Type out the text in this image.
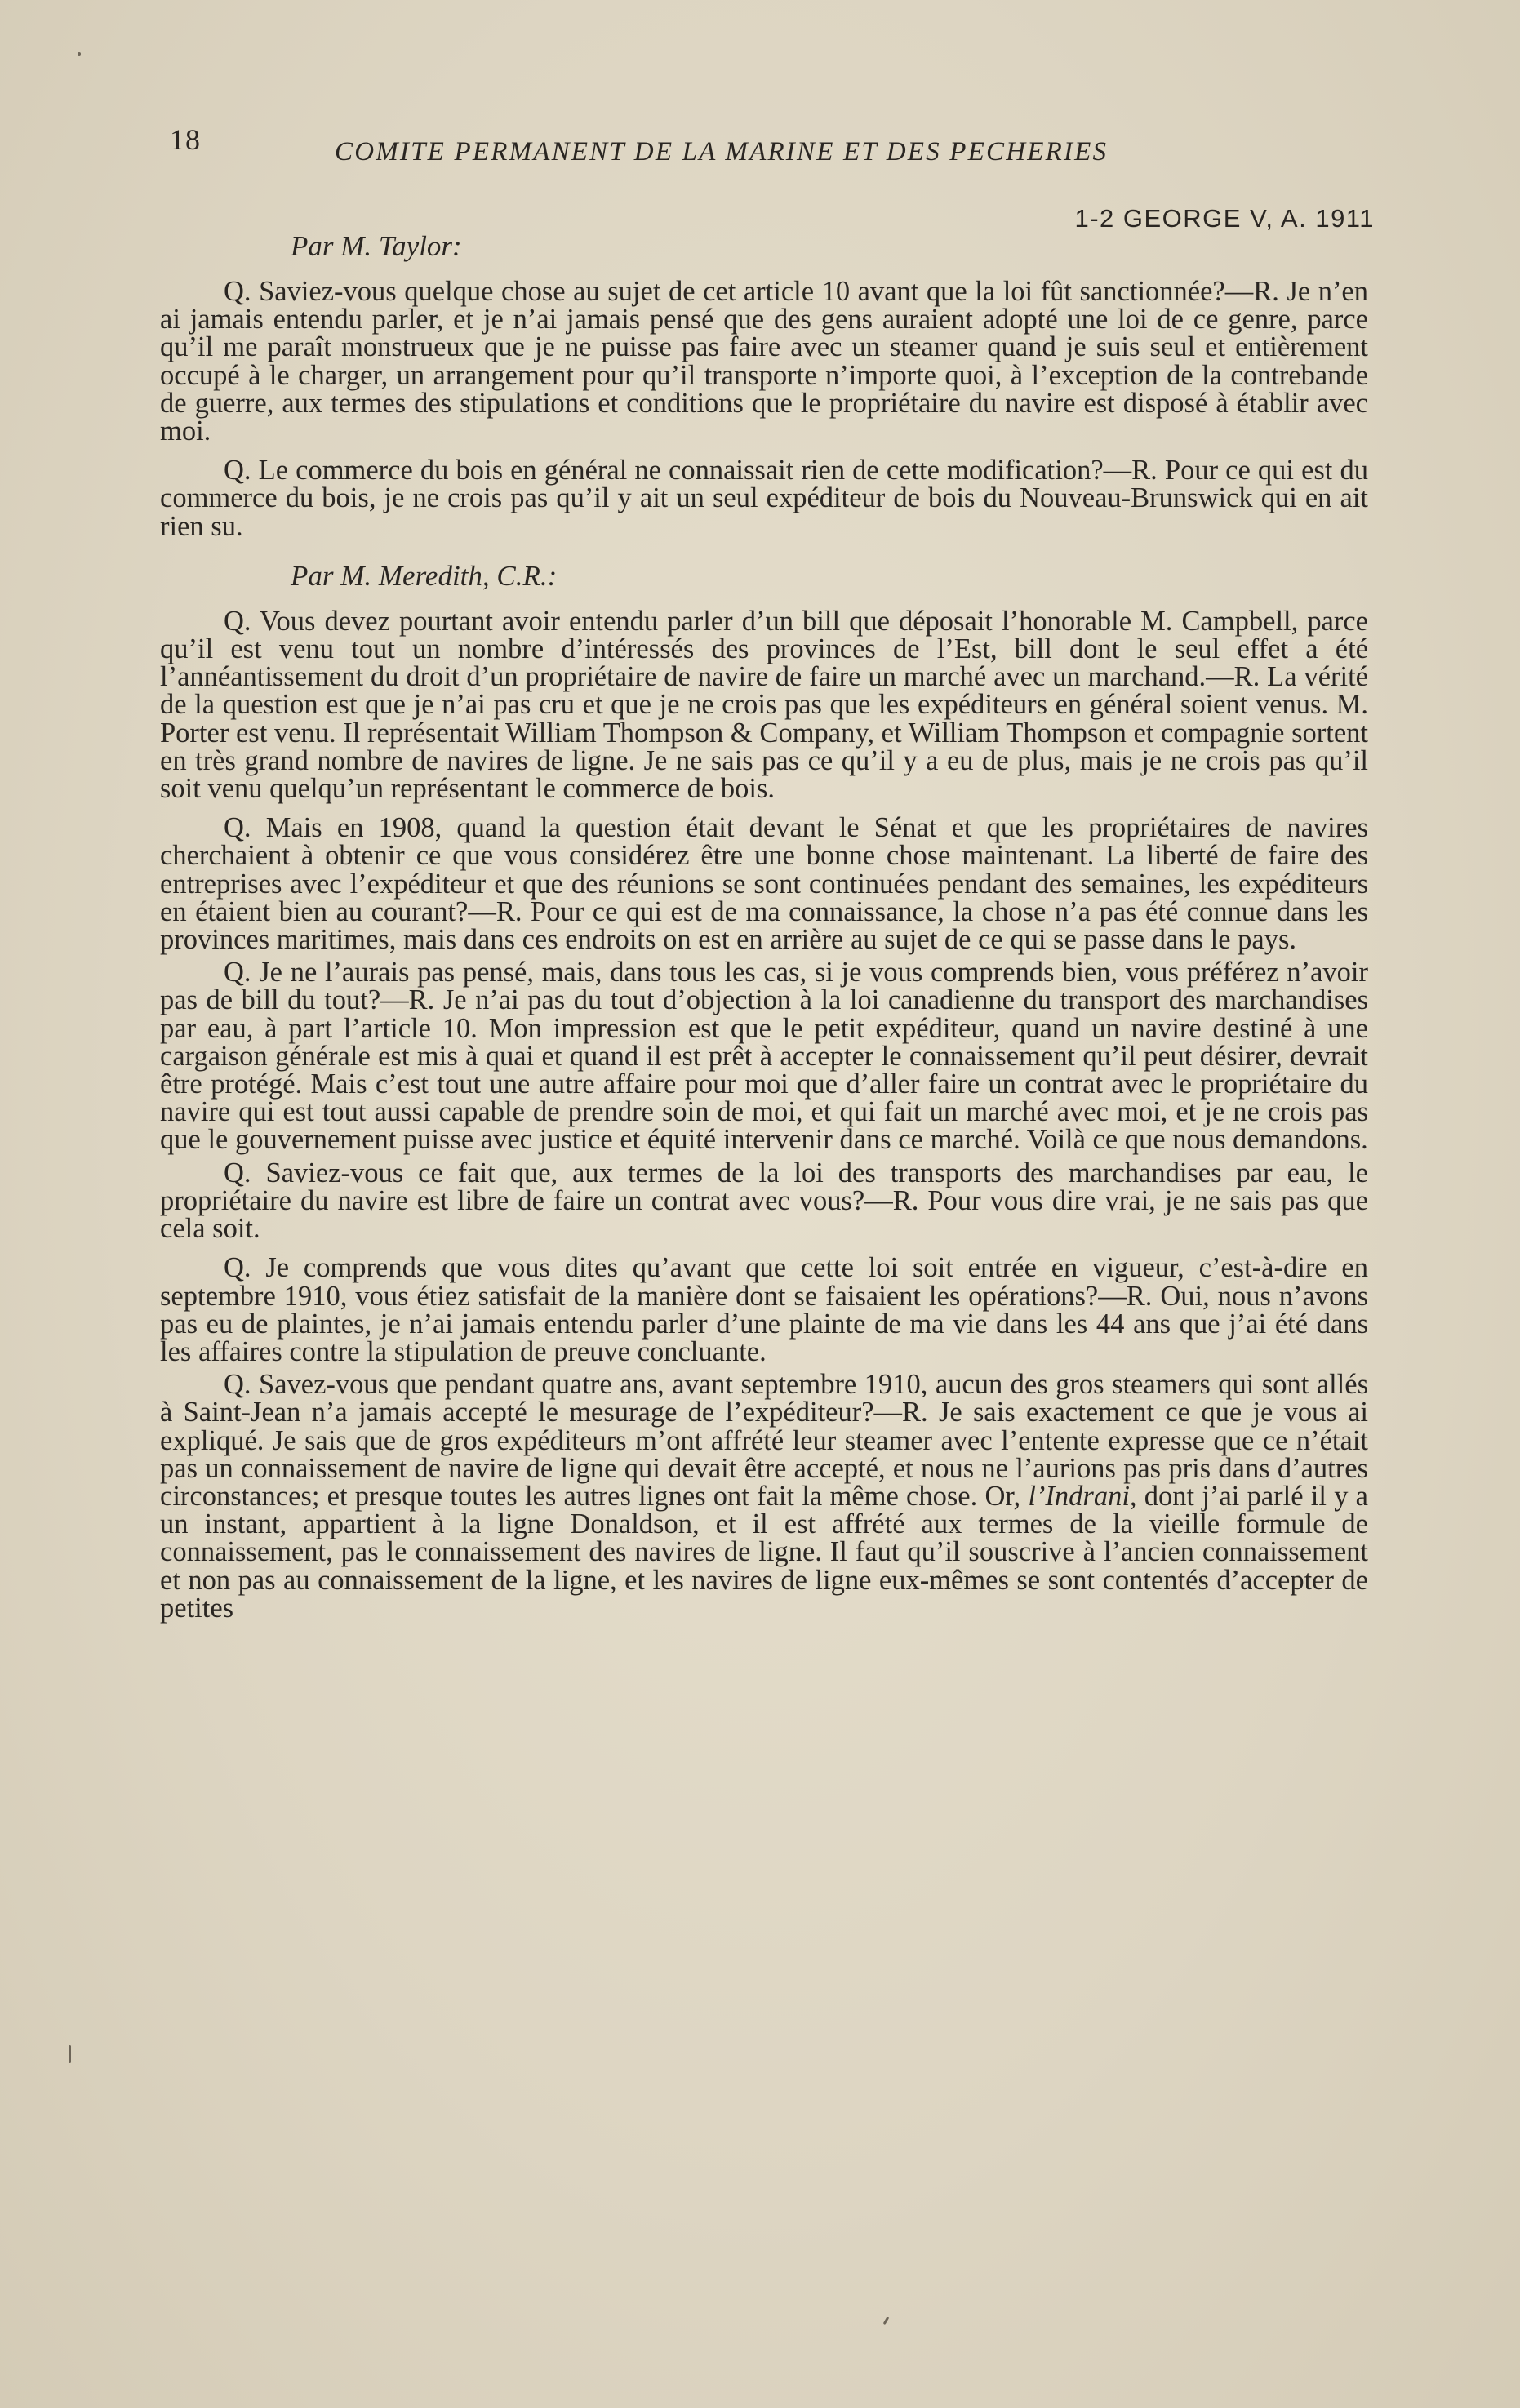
18	COMITE PERMANENT DE LA MARINE ET DES PECHERIES
1-2 GEORGE V, A. 1911
Par M. Taylor:

Q. Saviez-vous quelque chose au sujet de cet article 10 avant que la loi fût sanctionnée?—R. Je n’en ai jamais entendu parler, et je n’ai jamais pensé que des gens auraient adopté une loi de ce genre, parce qu’il me paraît monstrueux que je ne puisse pas faire avec un steamer quand je suis seul et entièrement occupé à le charger, un arrangement pour qu’il transporte n’importe quoi, à l’exception de la contrebande de guerre, aux termes des stipulations et conditions que le propriétaire du navire est disposé à établir avec moi.

Q. Le commerce du bois en général ne connaissait rien de cette modification?—R. Pour ce qui est du commerce du bois, je ne crois pas qu’il y ait un seul expéditeur de bois du Nouveau-Brunswick qui en ait rien su.

Par M. Meredith, C.R.:

Q. Vous devez pourtant avoir entendu parler d’un bill que déposait l’honorable M. Campbell, parce qu’il est venu tout un nombre d’intéressés des provinces de l’Est, bill dont le seul effet a été l’annéantissement du droit d’un propriétaire de navire de faire un marché avec un marchand.—R. La vérité de la question est que je n’ai pas cru et que je ne crois pas que les expéditeurs en général soient venus. M. Porter est venu. Il représentait William Thompson & Company, et William Thompson et compagnie sortent en très grand nombre de navires de ligne. Je ne sais pas ce qu’il y a eu de plus, mais je ne crois pas qu’il soit venu quelqu’un représentant le commerce de bois.

Q. Mais en 1908, quand la question était devant le Sénat et que les propriétaires de navires cherchaient à obtenir ce que vous considérez être une bonne chose maintenant. La liberté de faire des entreprises avec l’expéditeur et que des réunions se sont continuées pendant des semaines, les expéditeurs en étaient bien au courant?—R. Pour ce qui est de ma connaissance, la chose n’a pas été connue dans les provinces maritimes, mais dans ces endroits on est en arrière au sujet de ce qui se passe dans le pays.

Q. Je ne l’aurais pas pensé, mais, dans tous les cas, si je vous comprends bien, vous préférez n’avoir pas de bill du tout?—R. Je n’ai pas du tout d’objection à la loi canadienne du transport des marchandises par eau, à part l’article 10. Mon impression est que le petit expéditeur, quand un navire destiné à une cargaison générale est mis à quai et quand il est prêt à accepter le connaissement qu’il peut désirer, devrait être protégé. Mais c’est tout une autre affaire pour moi que d’aller faire un contrat avec le propriétaire du navire qui est tout aussi capable de prendre soin de moi, et qui fait un marché avec moi, et je ne crois pas que le gouvernement puisse avec justice et équité intervenir dans ce marché. Voilà ce que nous demandons.

Q. Saviez-vous ce fait que, aux termes de la loi des transports des marchandises par eau, le propriétaire du navire est libre de faire un contrat avec vous?—R. Pour vous dire vrai, je ne sais pas que cela soit.

Q. Je comprends que vous dites qu’avant que cette loi soit entrée en vigueur, c’est-à-dire en septembre 1910, vous étiez satisfait de la manière dont se faisaient les opérations?—R. Oui, nous n’avons pas eu de plaintes, je n’ai jamais entendu parler d’une plainte de ma vie dans les 44 ans que j’ai été dans les affaires contre la stipulation de preuve concluante.

Q. Savez-vous que pendant quatre ans, avant septembre 1910, aucun des gros steamers qui sont allés à Saint-Jean n’a jamais accepté le mesurage de l’expéditeur?—R. Je sais exactement ce que je vous ai expliqué. Je sais que de gros expéditeurs m’ont affrété leur steamer avec l’entente expresse que ce n’était pas un connaissement de navire de ligne qui devait être accepté, et nous ne l’aurions pas pris dans d’autres circonstances; et presque toutes les autres lignes ont fait la même chose. Or, l’Indrani, dont j’ai parlé il y a un instant, appartient à la ligne Donaldson, et il est affrété aux termes de la vieille formule de connaissement, pas le connaissement des navires de ligne. Il faut qu’il souscrive à l’ancien connaissement et non pas au connaissement de la ligne, et les navires de ligne eux-mêmes se sont contentés d’accepter de petites
